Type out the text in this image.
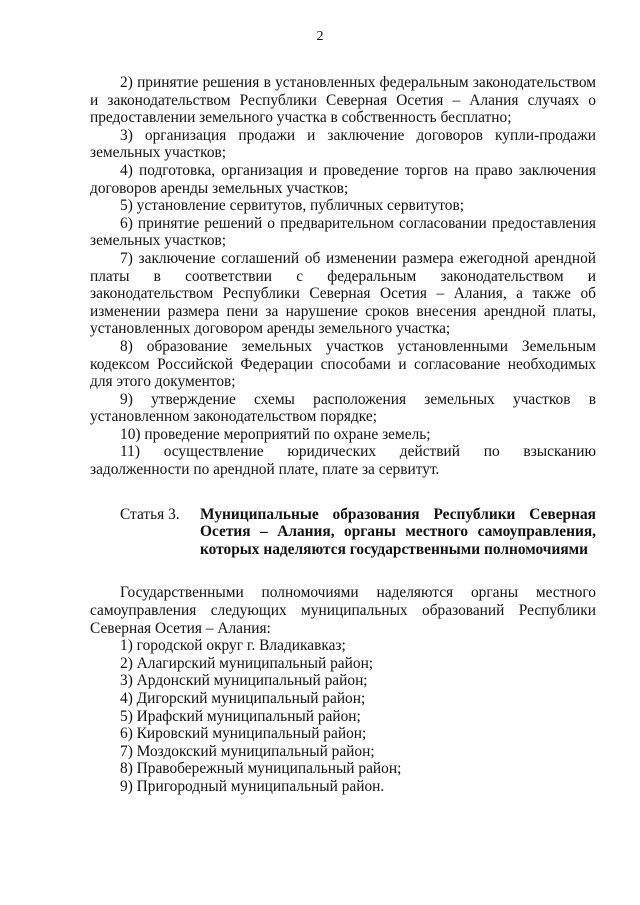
2

2) принятие решения в установленных федеральным законодательством и законодательством Республики Северная Осетия – Алания случаях о предоставлении земельного участка в собственность бесплатно;

3) организация продажи и заключение договоров купли-продажи земельных участков;

4) подготовка, организация и проведение торгов на право заключения договоров аренды земельных участков;

5) установление сервитутов, публичных сервитутов;

6) принятие решений о предварительном согласовании предоставления земельных участков;

7) заключение соглашений об изменении размера ежегодной арендной платы в соответствии с федеральным законодательством и законодательством Республики Северная Осетия – Алания, а также об изменении размера пени за нарушение сроков внесения арендной платы, установленных договором аренды земельного участка;

8) образование земельных участков установленными Земельным кодексом Российской Федерации способами и согласование необходимых для этого документов;

9) утверждение схемы расположения земельных участков в установленном законодательством порядке;

10) проведение мероприятий по охране земель;

11) осуществление юридических действий по взысканию задолженности по арендной плате, плате за сервитут.

Статья 3.	Муниципальные образования Республики Северная Осетия – Алания, органы местного самоуправления, которых наделяются государственными полномочиями

Государственными полномочиями наделяются органы местного самоуправления следующих муниципальных образований Республики Северная Осетия – Алания:

1) городской округ г. Владикавказ;

2) Алагирский муниципальный район;

3) Ардонский муниципальный район;

4) Дигорский муниципальный район;

5) Ирафский муниципальный район;

6) Кировский муниципальный район;

7) Моздокский муниципальный район;

8) Правобережный муниципальный район;

9) Пригородный муниципальный район.
